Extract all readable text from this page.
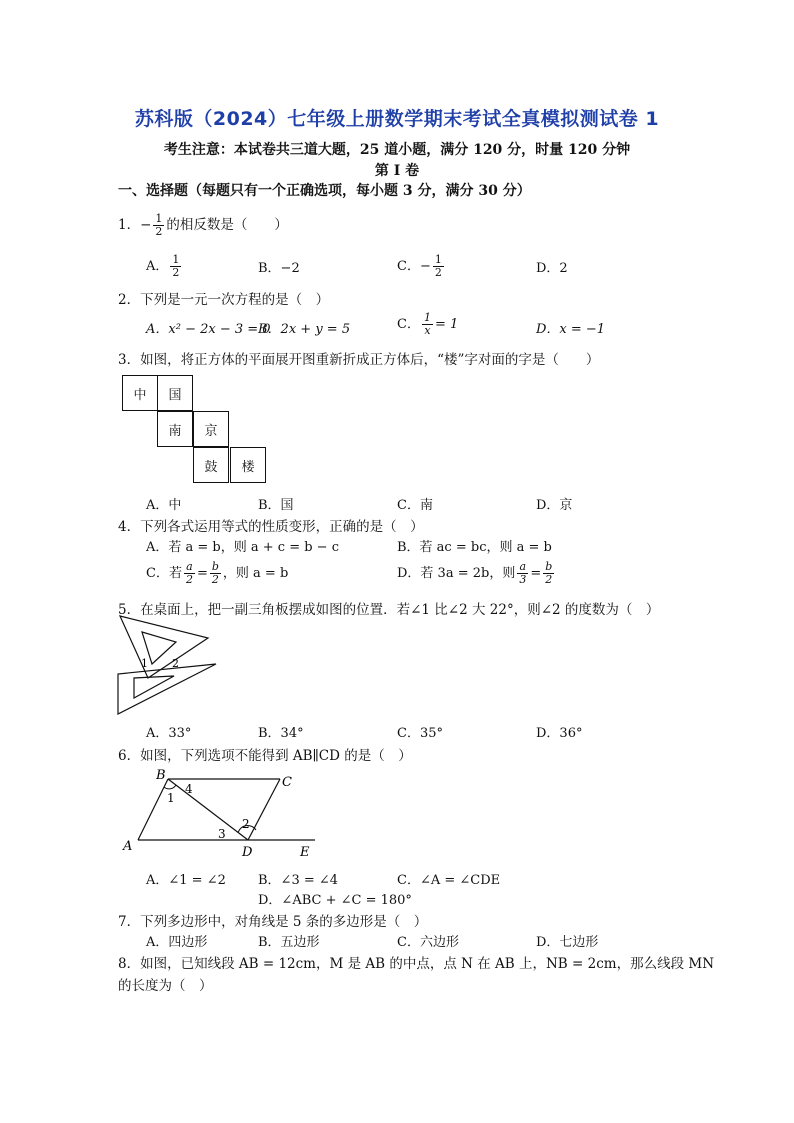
苏科版（2024）七年级上册数学期末考试全真模拟测试卷 1
考生注意：本试卷共三道大题，25 道小题，满分 120 分，时量 120 分钟
第 I 卷
一、选择题（每题只有一个正确选项，每小题 3 分，满分 30 分）
1．− $\frac{1}{2}$ 的相反数是（　　）
A． $\frac{1}{2}$	B．−2	C．− $\frac{1}{2}$	D．2
2．下列是一元一次方程的是（　）
A．x² − 2x − 3 = 0
B．2x + y = 5	C． $\frac{1}{x} = 1$	D．x = −1
3．如图，将正方体的平面展开图重新折成正方体后，“楼”字对面的字是（　　）
中	国
南	京
鼓	楼
A．中	B．国	C．南	D．京
4．下列各式运用等式的性质变形，正确的是（　）
A．若 a = b，则 a + c = b − c	B．若 ac = bc，则 a = b
C．若 $\frac{a}{2} = \frac{b}{2}$ ，则 a = b	D．若 3a = 2b，则 $\frac{a}{3} = \frac{b}{2}$
5．在桌面上，把一副三角板摆成如图的位置．若∠1 比∠2 大 22°，则∠2 的度数为（　）
1 2
A．33°	B．34°	C．35°	D．36°
6．如图，下列选项不能得到 AB∥CD 的是（　）
B	C
A	D	E
1
4
2
3
A．∠1 = ∠2 B．∠3 = ∠4	C．∠A = ∠CDE
D．∠ABC + ∠C = 180°
7．下列多边形中，对角线是 5 条的多边形是（　）
A．四边形	B．五边形	C．六边形	D．七边形
8．如图，已知线段 AB = 12cm，M 是 AB 的中点，点 N 在 AB 上，NB = 2cm，那么线段 MN
的长度为（　）
